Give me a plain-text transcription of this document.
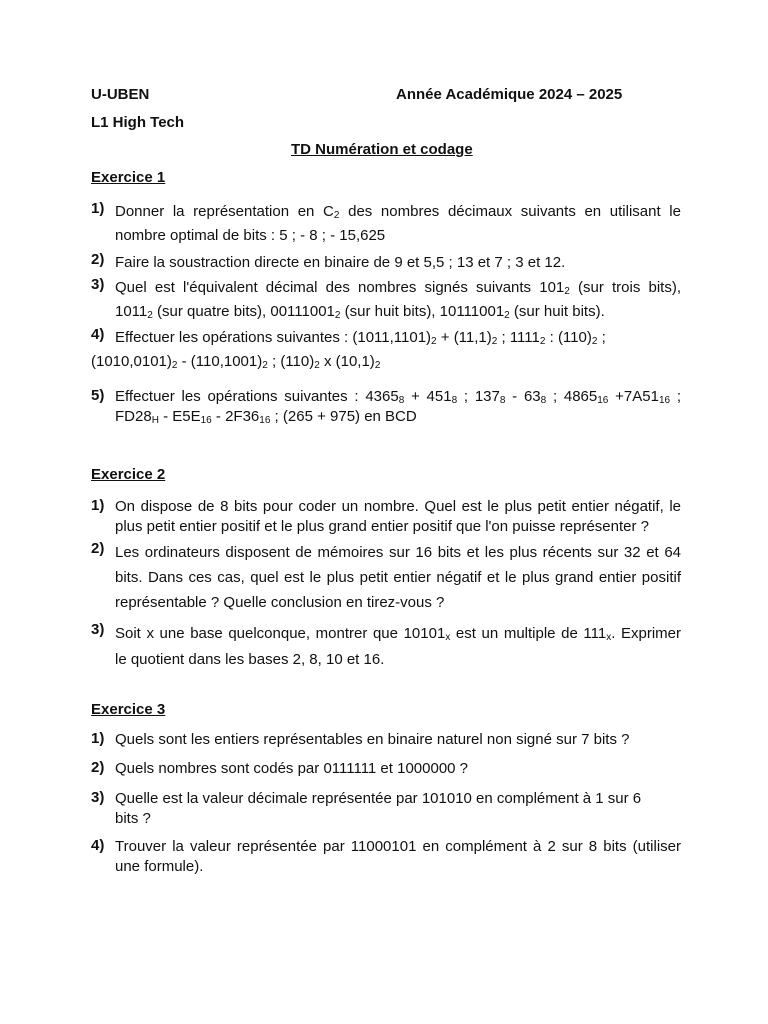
U-UBEN	Année Académique 2024 – 2025
L1 High Tech
TD Numération et codage
Exercice 1
1) Donner la représentation en $C_2$ des nombres décimaux suivants en utilisant le
nombre optimal de bits : 5 ; - 8 ; - 15,625
2) Faire la soustraction directe en binaire de 9 et 5,5 ; 13 et 7 ; 3 et 12.
3) Quel est l'équivalent décimal des nombres signés suivants $101_2$ (sur trois bits),
$1011_2$ (sur quatre bits), $00111001_2$ (sur huit bits), $10111001_2$ (sur huit bits).
4) Effectuer les opérations suivantes : $(1011,1101)_2 + (11,1)_2$ ; $1111_2$ : $(110)_2$ ;
$(1010,0101)_2 - (110,1001)_2$ ; $(110)_2$ x $(10,1)_2$
5) Effectuer les opérations suivantes : $4365_8 + 451_8$ ; $137_8 - 63_8$ ; $4865_{16} +7A51_{16}$ ;
$FD28_H - E5E_{16} - 2F36_{16}$ ; (265 + 975) en BCD
Exercice 2
1) On dispose de 8 bits pour coder un nombre. Quel est le plus petit entier négatif, le
plus petit entier positif et le plus grand entier positif que l'on puisse représenter ?
2) Les ordinateurs disposent de mémoires sur 16 bits et les plus récents sur 32 et 64
bits. Dans ces cas, quel est le plus petit entier négatif et le plus grand entier positif
représentable ? Quelle conclusion en tirez-vous ?
3) Soit x une base quelconque, montrer que $10101_x$ est un multiple de $111_x$. Exprimer
le quotient dans les bases 2, 8, 10 et 16.
Exercice 3
1) Quels sont les entiers représentables en binaire naturel non signé sur 7 bits ?
2) Quels nombres sont codés par 0111111 et 1000000 ?
3) Quelle est la valeur décimale représentée par 101010 en complément à 1 sur 6
bits ?
4) Trouver la valeur représentée par 11000101 en complément à 2 sur 8 bits (utiliser
une formule).
